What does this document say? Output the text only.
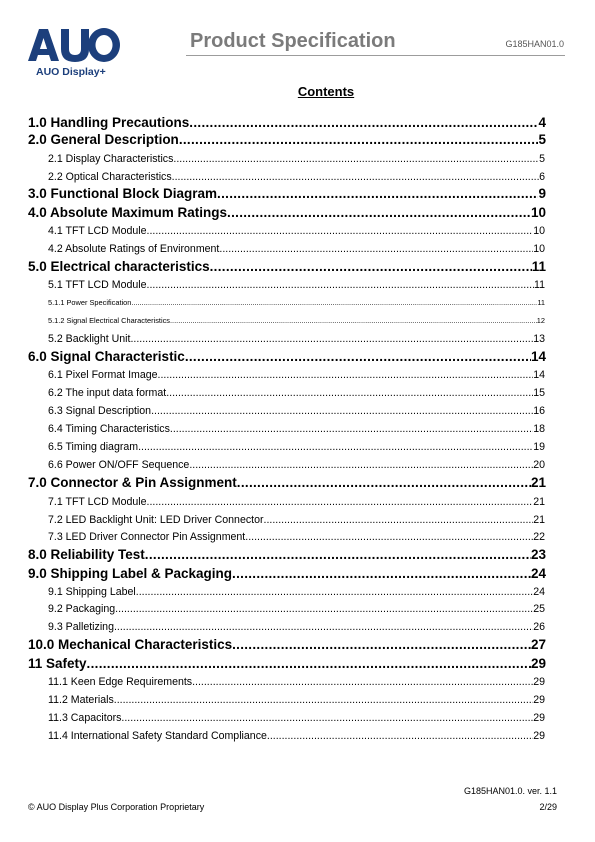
AUO Display+
Product Specification	G185HAN01.0
Contents
1.0 Handling Precautions .....	4
2.0 General Description .....	5
2.1 Display Characteristics .....	5
2.2 Optical Characteristics .....	6
3.0 Functional Block Diagram .....	9
4.0 Absolute Maximum Ratings .....	10
4.1 TFT LCD Module .....	10
4.2 Absolute Ratings of Environment .....	10
5.0 Electrical characteristics .....	11
5.1 TFT LCD Module .....	11
5.1.1 Power Specification .....	11
5.1.2 Signal Electrical Characteristics .....	12
5.2 Backlight Unit .....	13
6.0 Signal Characteristic .....	14
6.1 Pixel Format Image .....	14
6.2 The input data format .....	15
6.3 Signal Description .....	16
6.4 Timing Characteristics .....	18
6.5 Timing diagram .....	19
6.6 Power ON/OFF Sequence .....	20
7.0 Connector & Pin Assignment .....	21
7.1 TFT LCD Module .....	21
7.2 LED Backlight Unit: LED Driver Connector .....	21
7.3 LED Driver Connector Pin Assignment .....	22
8.0 Reliability Test .....	23
9.0 Shipping Label & Packaging .....	24
9.1 Shipping Label .....	24
9.2 Packaging .....	25
9.3 Palletizing .....	26
10.0 Mechanical Characteristics .....	27
11 Safety .....	29
11.1 Keen Edge Requirements .....	29
11.2 Materials .....	29
11.3 Capacitors .....	29
11.4 International Safety Standard Compliance .....	29
G185HAN01.0. ver. 1.1
© AUO Display Plus Corporation Proprietary	2/29
